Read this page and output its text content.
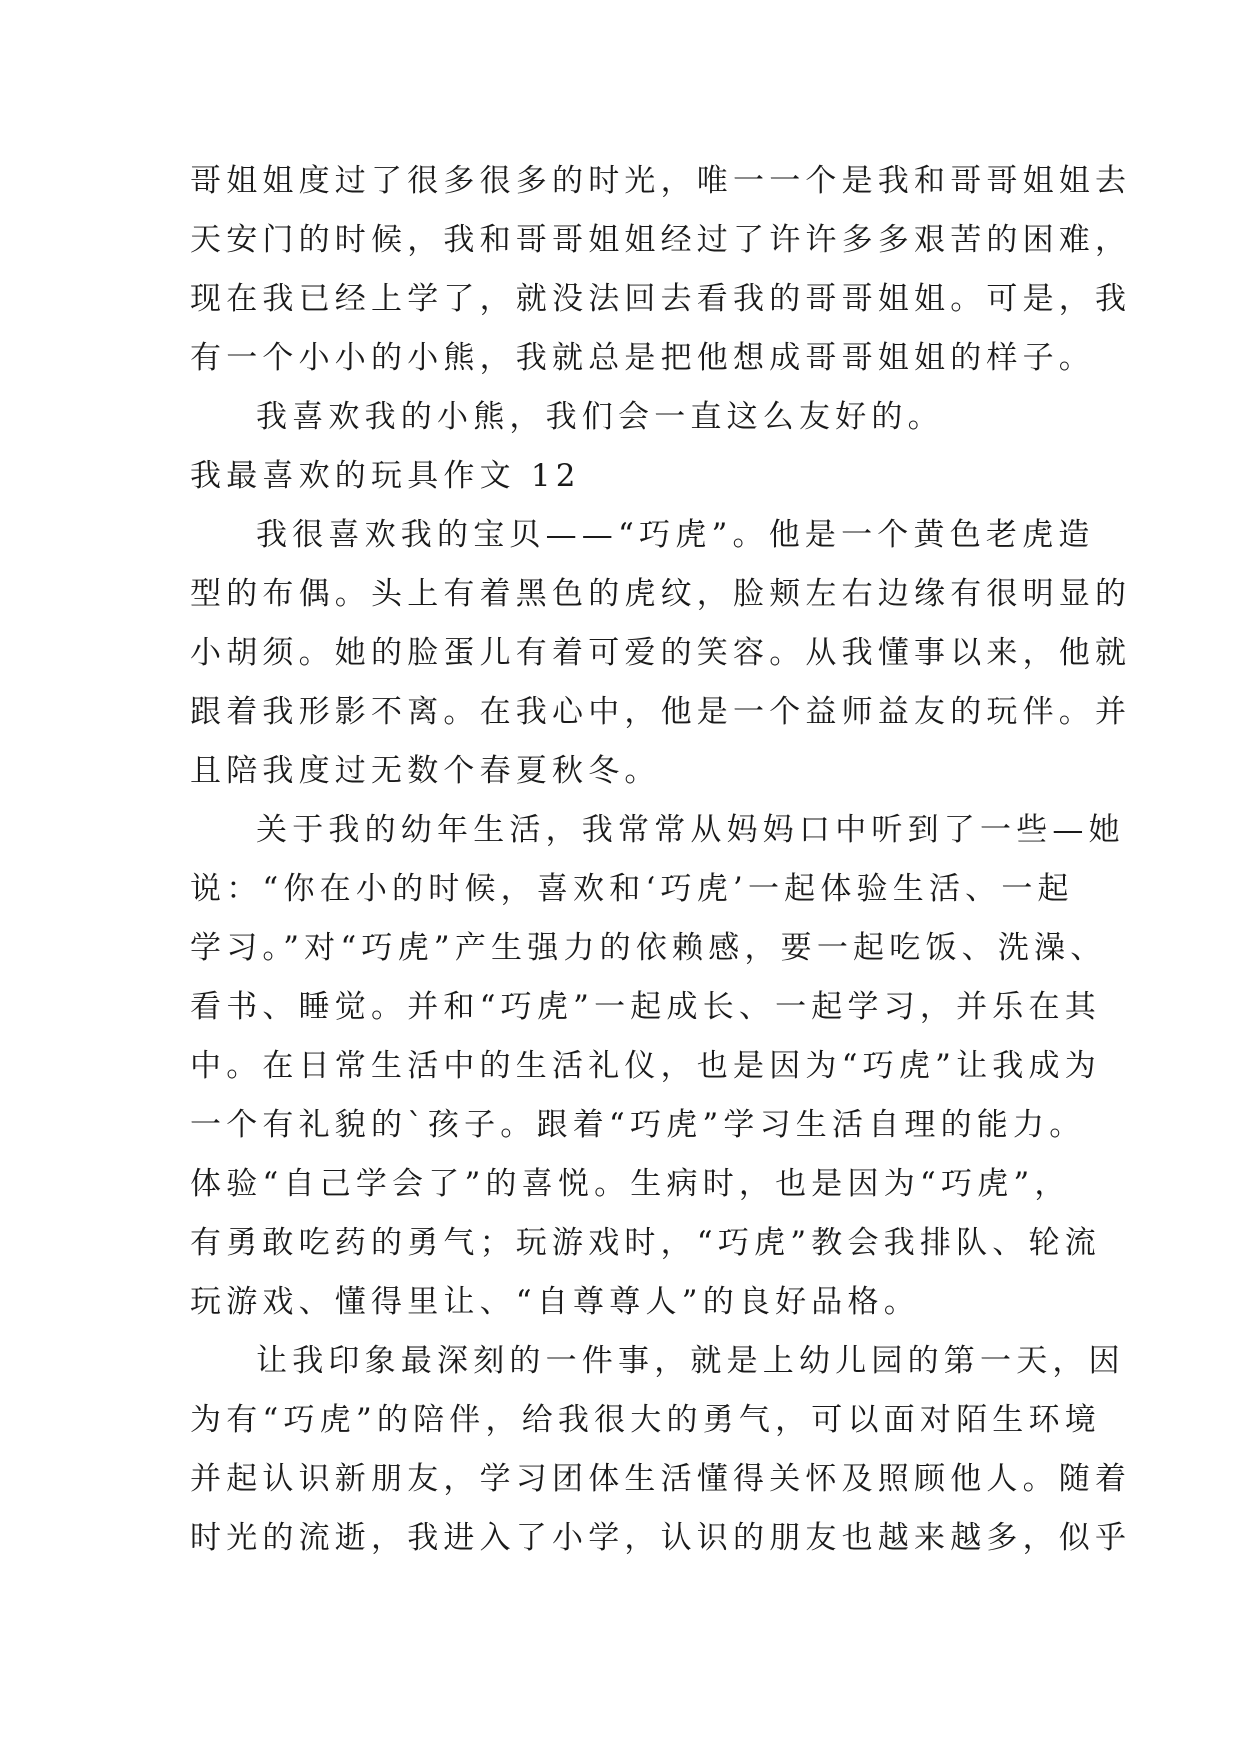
哥姐姐度过了很多很多的时光，唯一一个是我和哥哥姐姐去
天安门的时候，我和哥哥姐姐经过了许许多多艰苦的困难，
现在我已经上学了，就没法回去看我的哥哥姐姐。可是，我
有一个小小的小熊，我就总是把他想成哥哥姐姐的样子。
我喜欢我的小熊，我们会一直这么友好的。
我最喜欢的玩具作文 12
我很喜欢我的宝贝——“巧虎”。他是一个黄色老虎造
型的布偶。头上有着黑色的虎纹，脸颊左右边缘有很明显的
小胡须。她的脸蛋儿有着可爱的笑容。从我懂事以来，他就
跟着我形影不离。在我心中，他是一个益师益友的玩伴。并
且陪我度过无数个春夏秋冬。
关于我的幼年生活，我常常从妈妈口中听到了一些—她
说：“你在小的时候，喜欢和‘巧虎’一起体验生活、一起
学习。”对“巧虎”产生强力的依赖感，要一起吃饭、洗澡、
看书、睡觉。并和“巧虎”一起成长、一起学习，并乐在其
中。在日常生活中的生活礼仪，也是因为“巧虎”让我成为
一个有礼貌的`孩子。跟着“巧虎”学习生活自理的能力。
体验“自己学会了”的喜悦。生病时，也是因为“巧虎”，
有勇敢吃药的勇气；玩游戏时，“巧虎”教会我排队、轮流
玩游戏、懂得里让、“自尊尊人”的良好品格。
让我印象最深刻的一件事，就是上幼儿园的第一天，因
为有“巧虎”的陪伴，给我很大的勇气，可以面对陌生环境
并起认识新朋友，学习团体生活懂得关怀及照顾他人。随着
时光的流逝，我进入了小学，认识的朋友也越来越多，似乎
